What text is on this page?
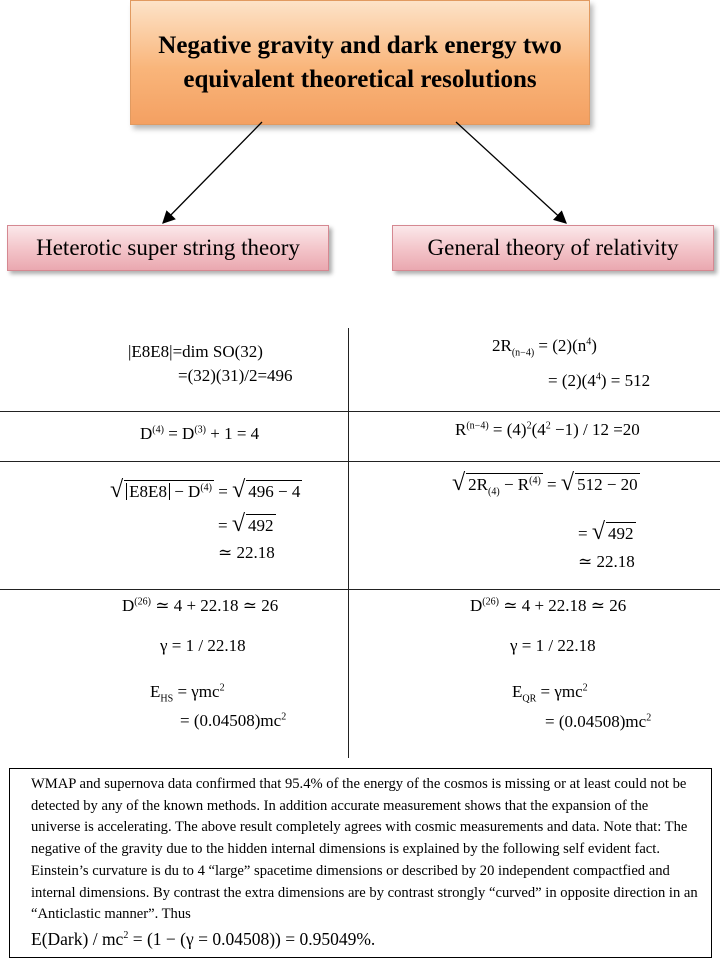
Negative gravity and dark energy two equivalent theoretical resolutions
Heterotic super string theory	General theory of relativity
|E8E8|=dim SO(32)
=(32)(31)/2=496
$D^{(4)} = D^{(3)} + 1 = 4$
√ $E8E8 - D^{(4)}$ = √ 496 − 4
= √ 492
≃ 22.18
$D^{(26)}$ ≃ 4 + 22.18 ≃ 26
γ = 1 / 22.18
$E_{HS} = \gamma mc^2$
= $(0.04508)mc^2$
$2R_{(n-4)} = (2)(n^4)$
= $(2)(4^4) = 512$
$R^{(n-4)} = (4)^2(4^2 -1) / 12 =20$
√ $2R_{(4)} - R^{(4)}$ = √ 512 − 20
= √ 492
≃ 22.18
$D^{(26)}$ ≃ 4 + 22.18 ≃ 26
γ = 1 / 22.18
$E_{QR} = \gamma mc^2$
= $(0.04508)mc^2$
WMAP and supernova data confirmed that 95.4% of the energy of the cosmos is missing or at least could not be detected by any of the known methods. In addition accurate measurement shows that the expansion of the universe is accelerating. The above result completely agrees with cosmic measurements and data. Note that: The negative of the gravity due to the hidden internal dimensions is explained by the following self evident fact. Einstein’s curvature is du to 4 “large” spacetime dimensions or described by 20 independent compactfied and internal dimensions. By contrast the extra dimensions are by contrast strongly “curved” in opposite direction in an “Anticlastic manner”. Thus
E(Dark) / $mc^2 = (1 - (\gamma = 0.04508)) = 0.95049\%$.
